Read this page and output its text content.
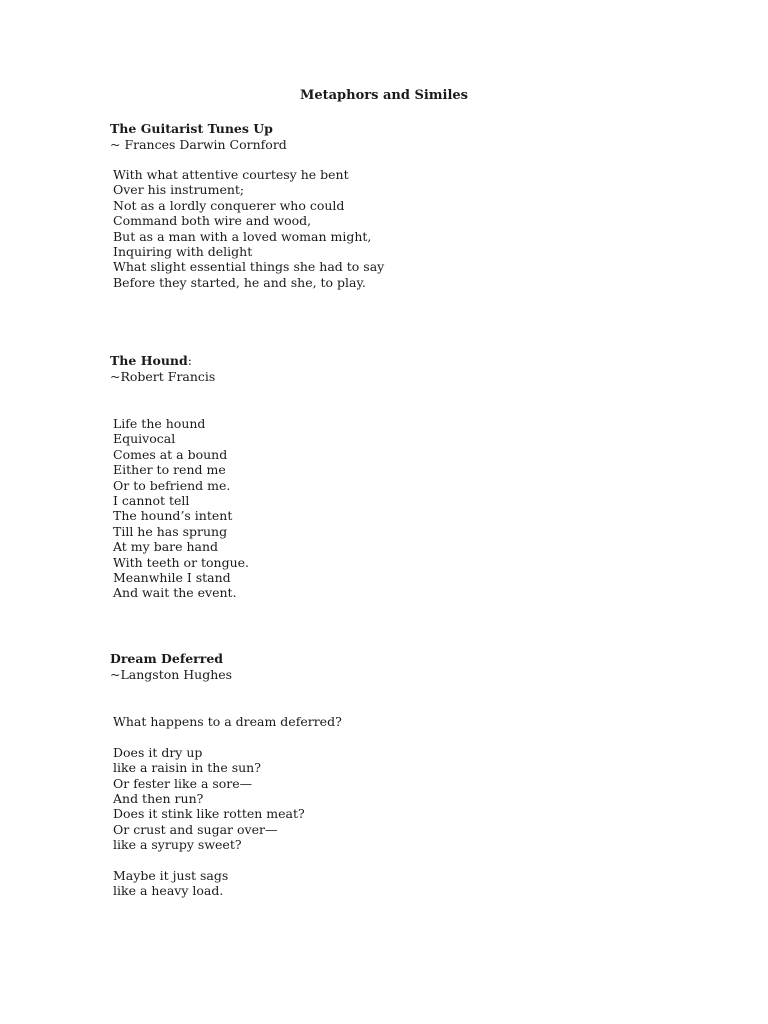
Metaphors and Similes
The Guitarist Tunes Up
~ Frances Darwin Cornford
With what attentive courtesy he bent
Over his instrument;
Not as a lordly conquerer who could
Command both wire and wood,
But as a man with a loved woman might,
Inquiring with delight
What slight essential things she had to say
Before they started, he and she, to play.
The Hound:
~Robert Francis
Life the hound
Equivocal
Comes at a bound
Either to rend me
Or to befriend me.
I cannot tell
The hound’s intent
Till he has sprung
At my bare hand
With teeth or tongue.
Meanwhile I stand
And wait the event.
Dream Deferred
~Langston Hughes
What happens to a dream deferred?
Does it dry up
like a raisin in the sun?
Or fester like a sore—
And then run?
Does it stink like rotten meat?
Or crust and sugar over—
like a syrupy sweet?
Maybe it just sags
like a heavy load.
